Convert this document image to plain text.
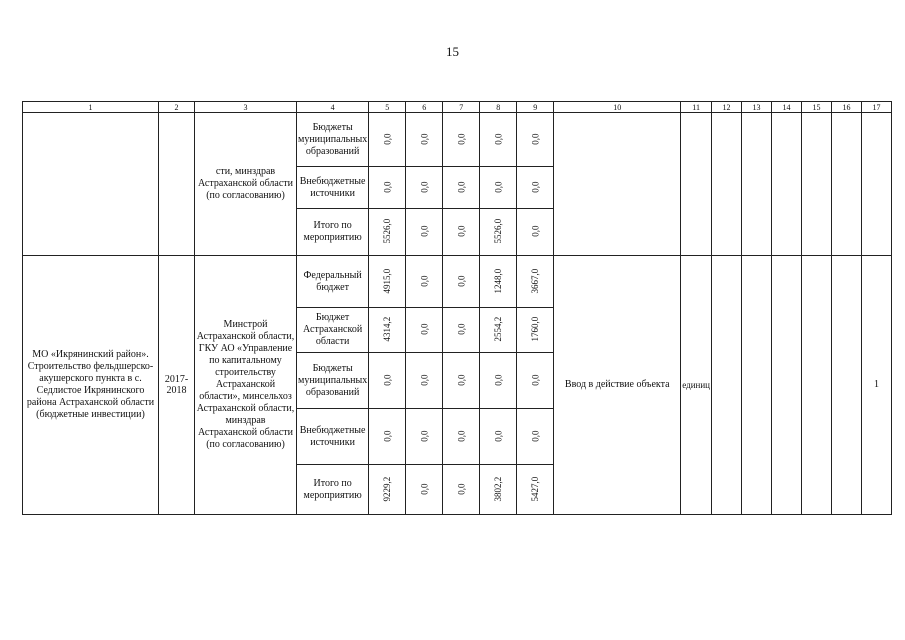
15
1	2	3	4	5	6	7	8	9	10	11	12	13	14	15	16	17
		сти, минздрав Астраханской области (по согласованию)	Бюджеты муниципальных образований	0,0	0,0	0,0	0,0	0,0								
			Внебюджетные источники	0,0	0,0	0,0	0,0	0,0								
			Итого по мероприятию	5526,0	0,0	0,0	5526,0	0,0								
МО «Икрянинский район». Строительство фельдшерско-акушерского пункта в с. Седлистое Икрянинского района Астраханской области (бюджетные инвестиции)	2017-2018	Минстрой Астраханской области, ГКУ АО «Управление по капитальному строительству Астраханской области», минсельхоз Астраханской области, минздрав Астраханской области (по согласованию)	Федеральный бюджет	4915,0	0,0	0,0	1248,0	3667,0	Ввод в действие объекта	единиц						1
			Бюджет Астраханской области	4314,2	0,0	0,0	2554,2	1760,0								
			Бюджеты муниципальных образований	0,0	0,0	0,0	0,0	0,0								
			Внебюджетные источники	0,0	0,0	0,0	0,0	0,0								
			Итого по мероприятию	9229,2	0,0	0,0	3802,2	5427,0								
